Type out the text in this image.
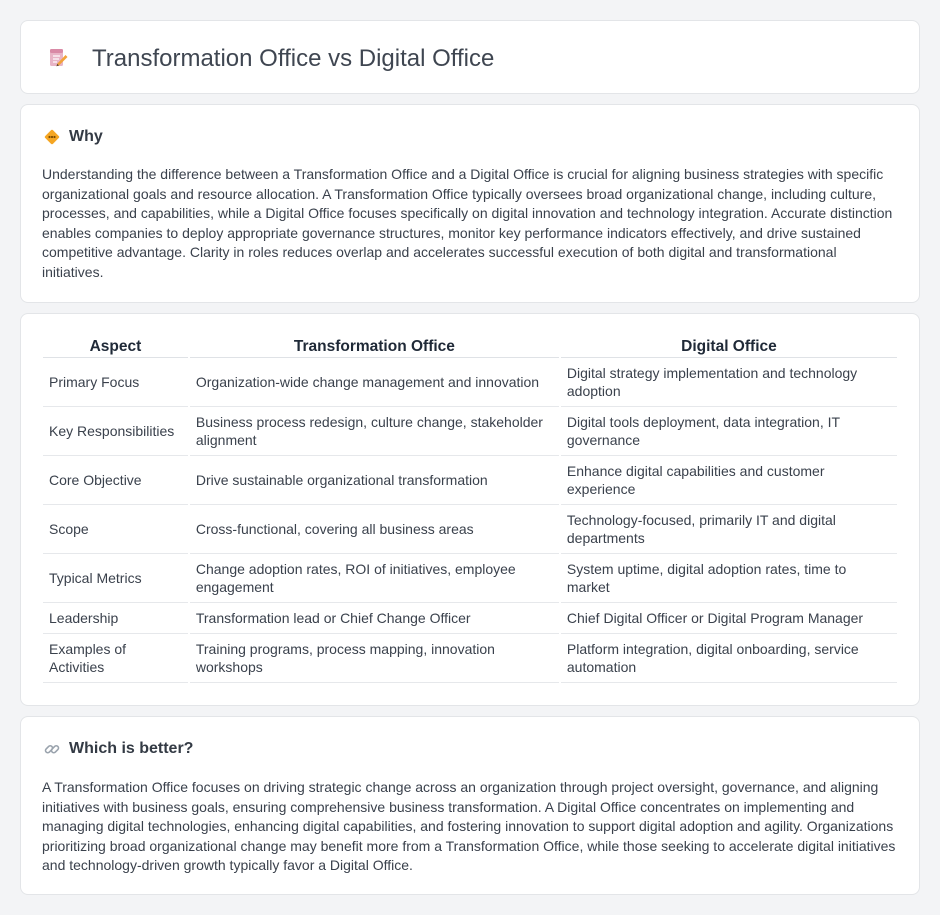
Transformation Office vs Digital Office
Why

Understanding the difference between a Transformation Office and a Digital Office is crucial for aligning business strategies with specific organizational goals and resource allocation. A Transformation Office typically oversees broad organizational change, including culture, processes, and capabilities, while a Digital Office focuses specifically on digital innovation and technology integration. Accurate distinction enables companies to deploy appropriate governance structures, monitor key performance indicators effectively, and drive sustained competitive advantage. Clarity in roles reduces overlap and accelerates successful execution of both digital and transformational initiatives.

Aspect	Transformation Office	Digital Office
Primary Focus	Organization-wide change management and innovation	Digital strategy implementation and technology adoption
Key Responsibilities	Business process redesign, culture change, stakeholder alignment	Digital tools deployment, data integration, IT governance
Core Objective	Drive sustainable organizational transformation	Enhance digital capabilities and customer experience
Scope	Cross-functional, covering all business areas	Technology-focused, primarily IT and digital departments
Typical Metrics	Change adoption rates, ROI of initiatives, employee engagement	System uptime, digital adoption rates, time to market
Leadership	Transformation lead or Chief Change Officer	Chief Digital Officer or Digital Program Manager
Examples of Activities	Training programs, process mapping, innovation workshops	Platform integration, digital onboarding, service automation
Which is better?

A Transformation Office focuses on driving strategic change across an organization through project oversight, governance, and aligning initiatives with business goals, ensuring comprehensive business transformation. A Digital Office concentrates on implementing and managing digital technologies, enhancing digital capabilities, and fostering innovation to support digital adoption and agility. Organizations prioritizing broad organizational change may benefit more from a Transformation Office, while those seeking to accelerate digital initiatives and technology-driven growth typically favor a Digital Office.
